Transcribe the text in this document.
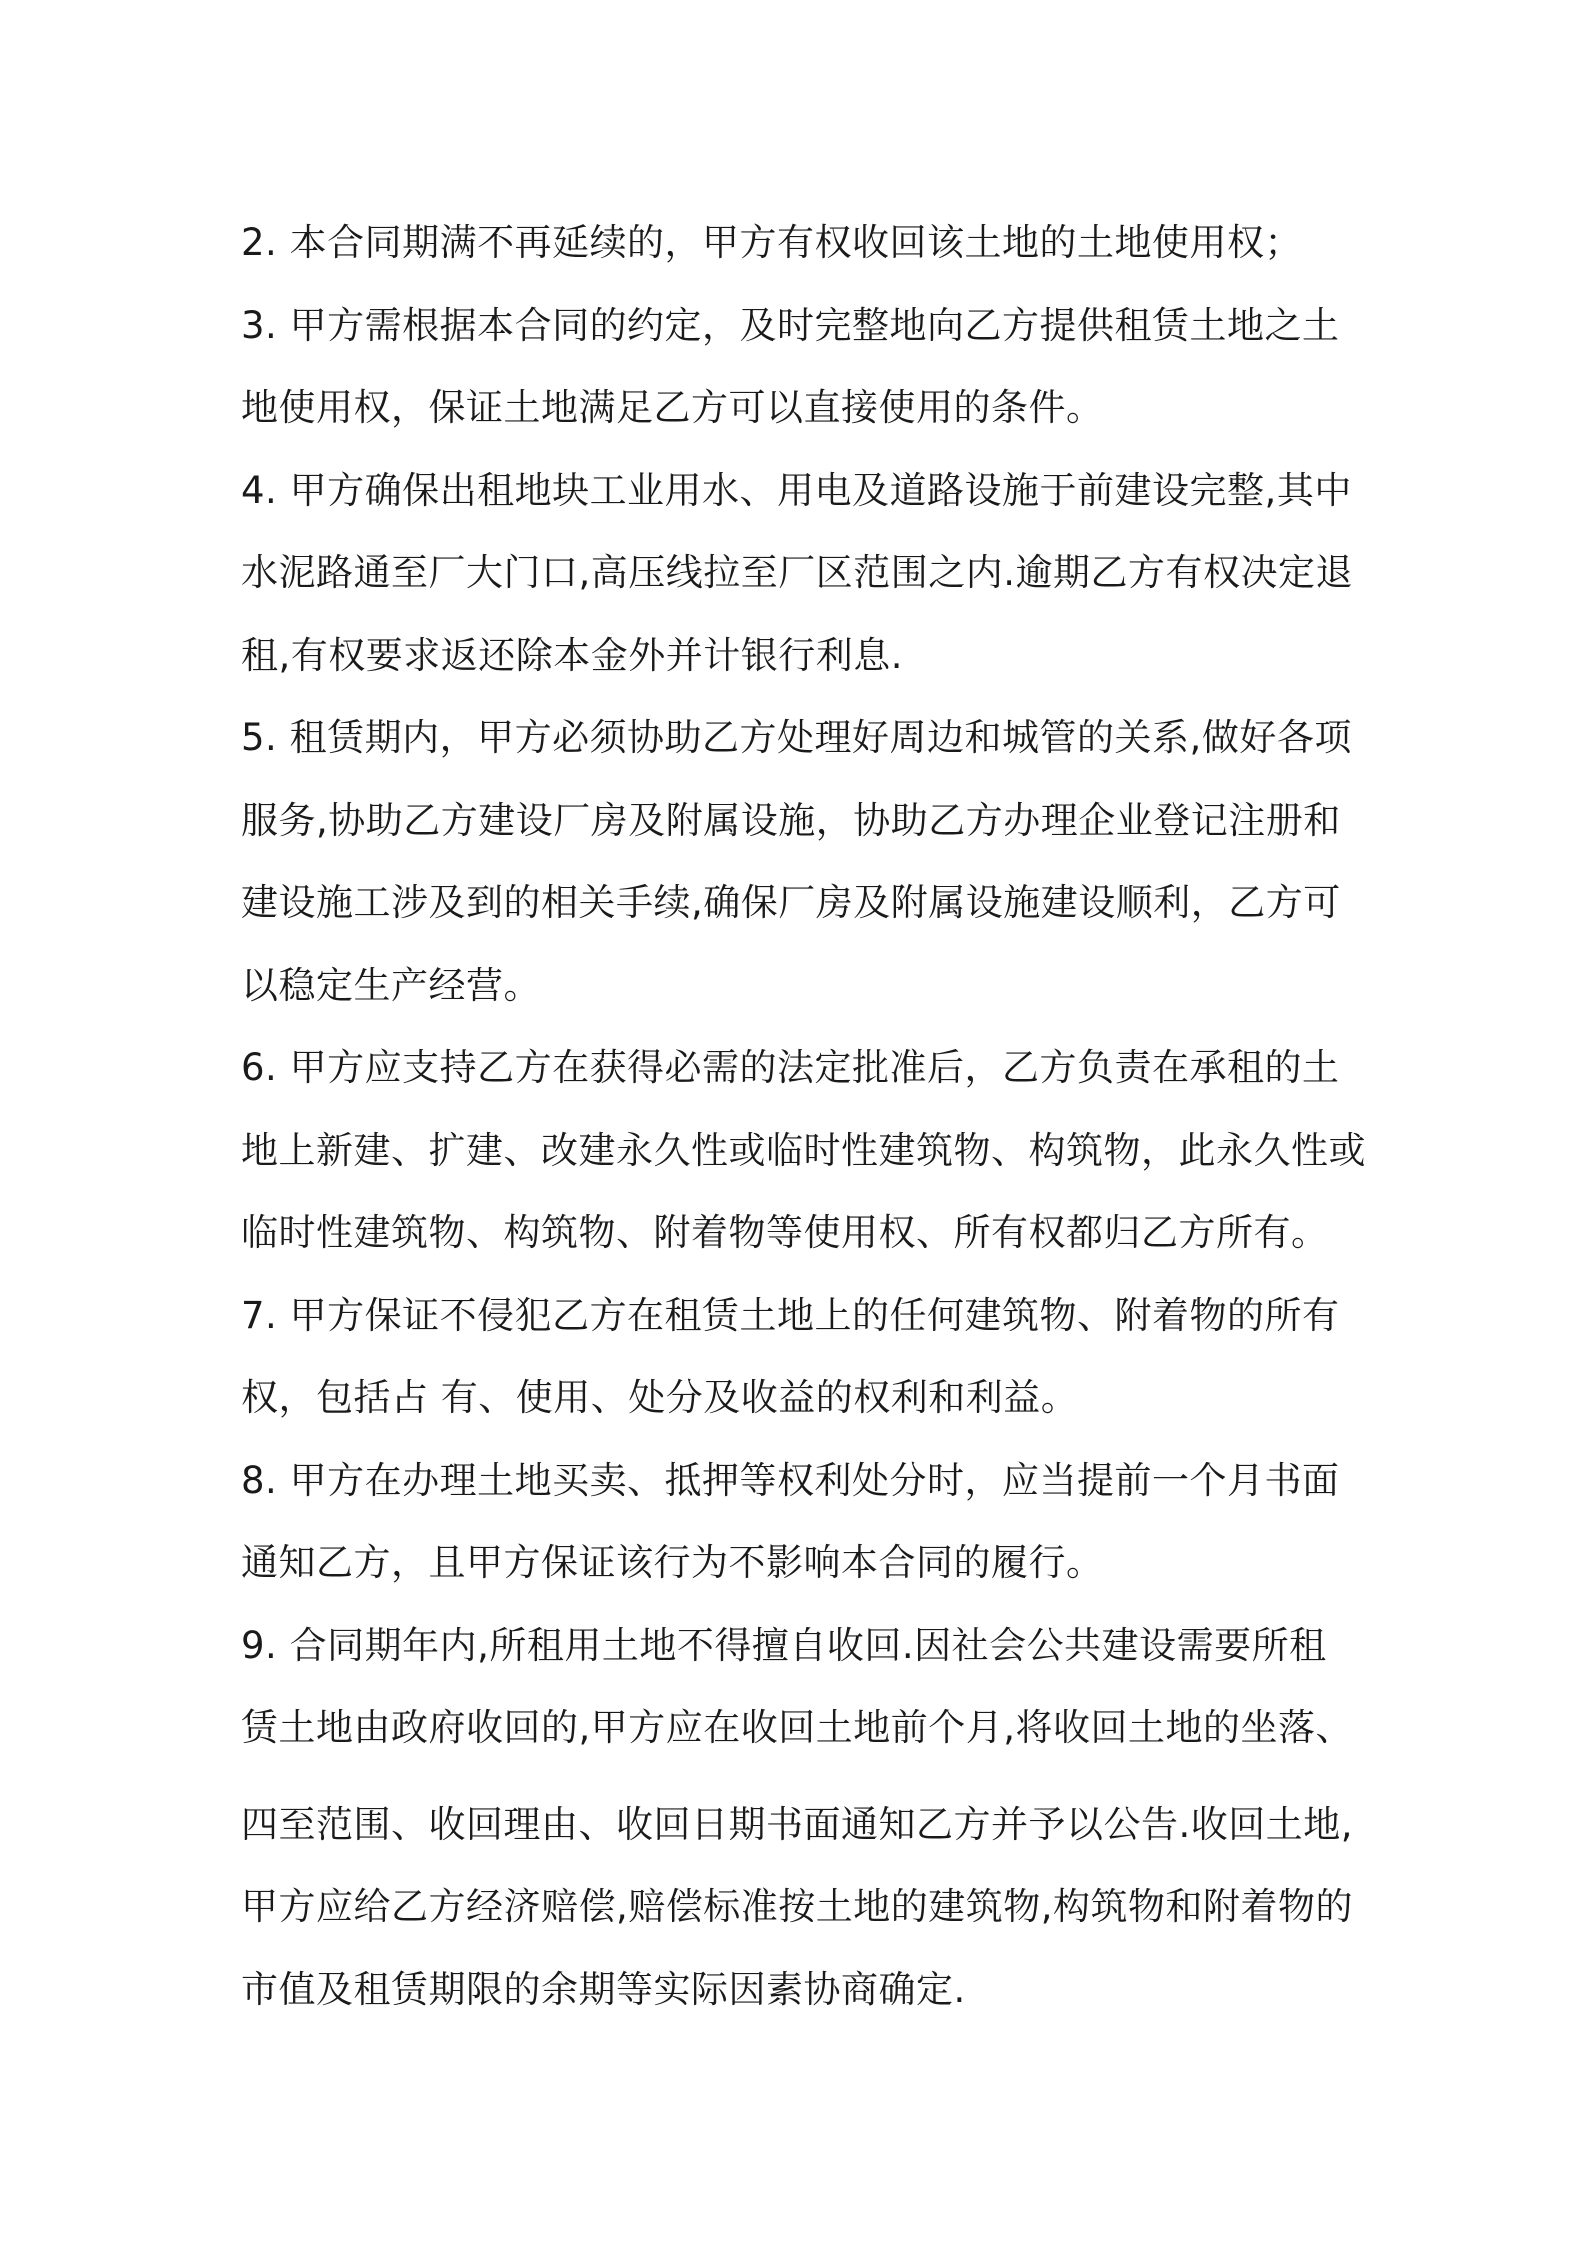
2. 本合同期满不再延续的，甲方有权收回该土地的土地使用权；
3. 甲方需根据本合同的约定，及时完整地向乙方提供租赁土地之土
地使用权，保证土地满足乙方可以直接使用的条件。
4. 甲方确保出租地块工业用水、用电及道路设施于前建设完整,其中
水泥路通至厂大门口,高压线拉至厂区范围之内.逾期乙方有权决定退
租,有权要求返还除本金外并计银行利息.
5. 租赁期内，甲方必须协助乙方处理好周边和城管的关系,做好各项
服务,协助乙方建设厂房及附属设施，协助乙方办理企业登记注册和
建设施工涉及到的相关手续,确保厂房及附属设施建设顺利，乙方可
以稳定生产经营。
6. 甲方应支持乙方在获得必需的法定批准后，乙方负责在承租的土
地上新建、扩建、改建永久性或临时性建筑物、构筑物，此永久性或
临时性建筑物、构筑物、附着物等使用权、所有权都归乙方所有。
7. 甲方保证不侵犯乙方在租赁土地上的任何建筑物、附着物的所有
权，包括占 有、使用、处分及收益的权利和利益。
8. 甲方在办理土地买卖、抵押等权利处分时，应当提前一个月书面
通知乙方，且甲方保证该行为不影响本合同的履行。
9. 合同期年内,所租用土地不得擅自收回.因社会公共建设需要所租
赁土地由政府收回的,甲方应在收回土地前个月,将收回土地的坐落、
四至范围、收回理由、收回日期书面通知乙方并予以公告.收回土地,
甲方应给乙方经济赔偿,赔偿标准按土地的建筑物,构筑物和附着物的
市值及租赁期限的余期等实际因素协商确定.
